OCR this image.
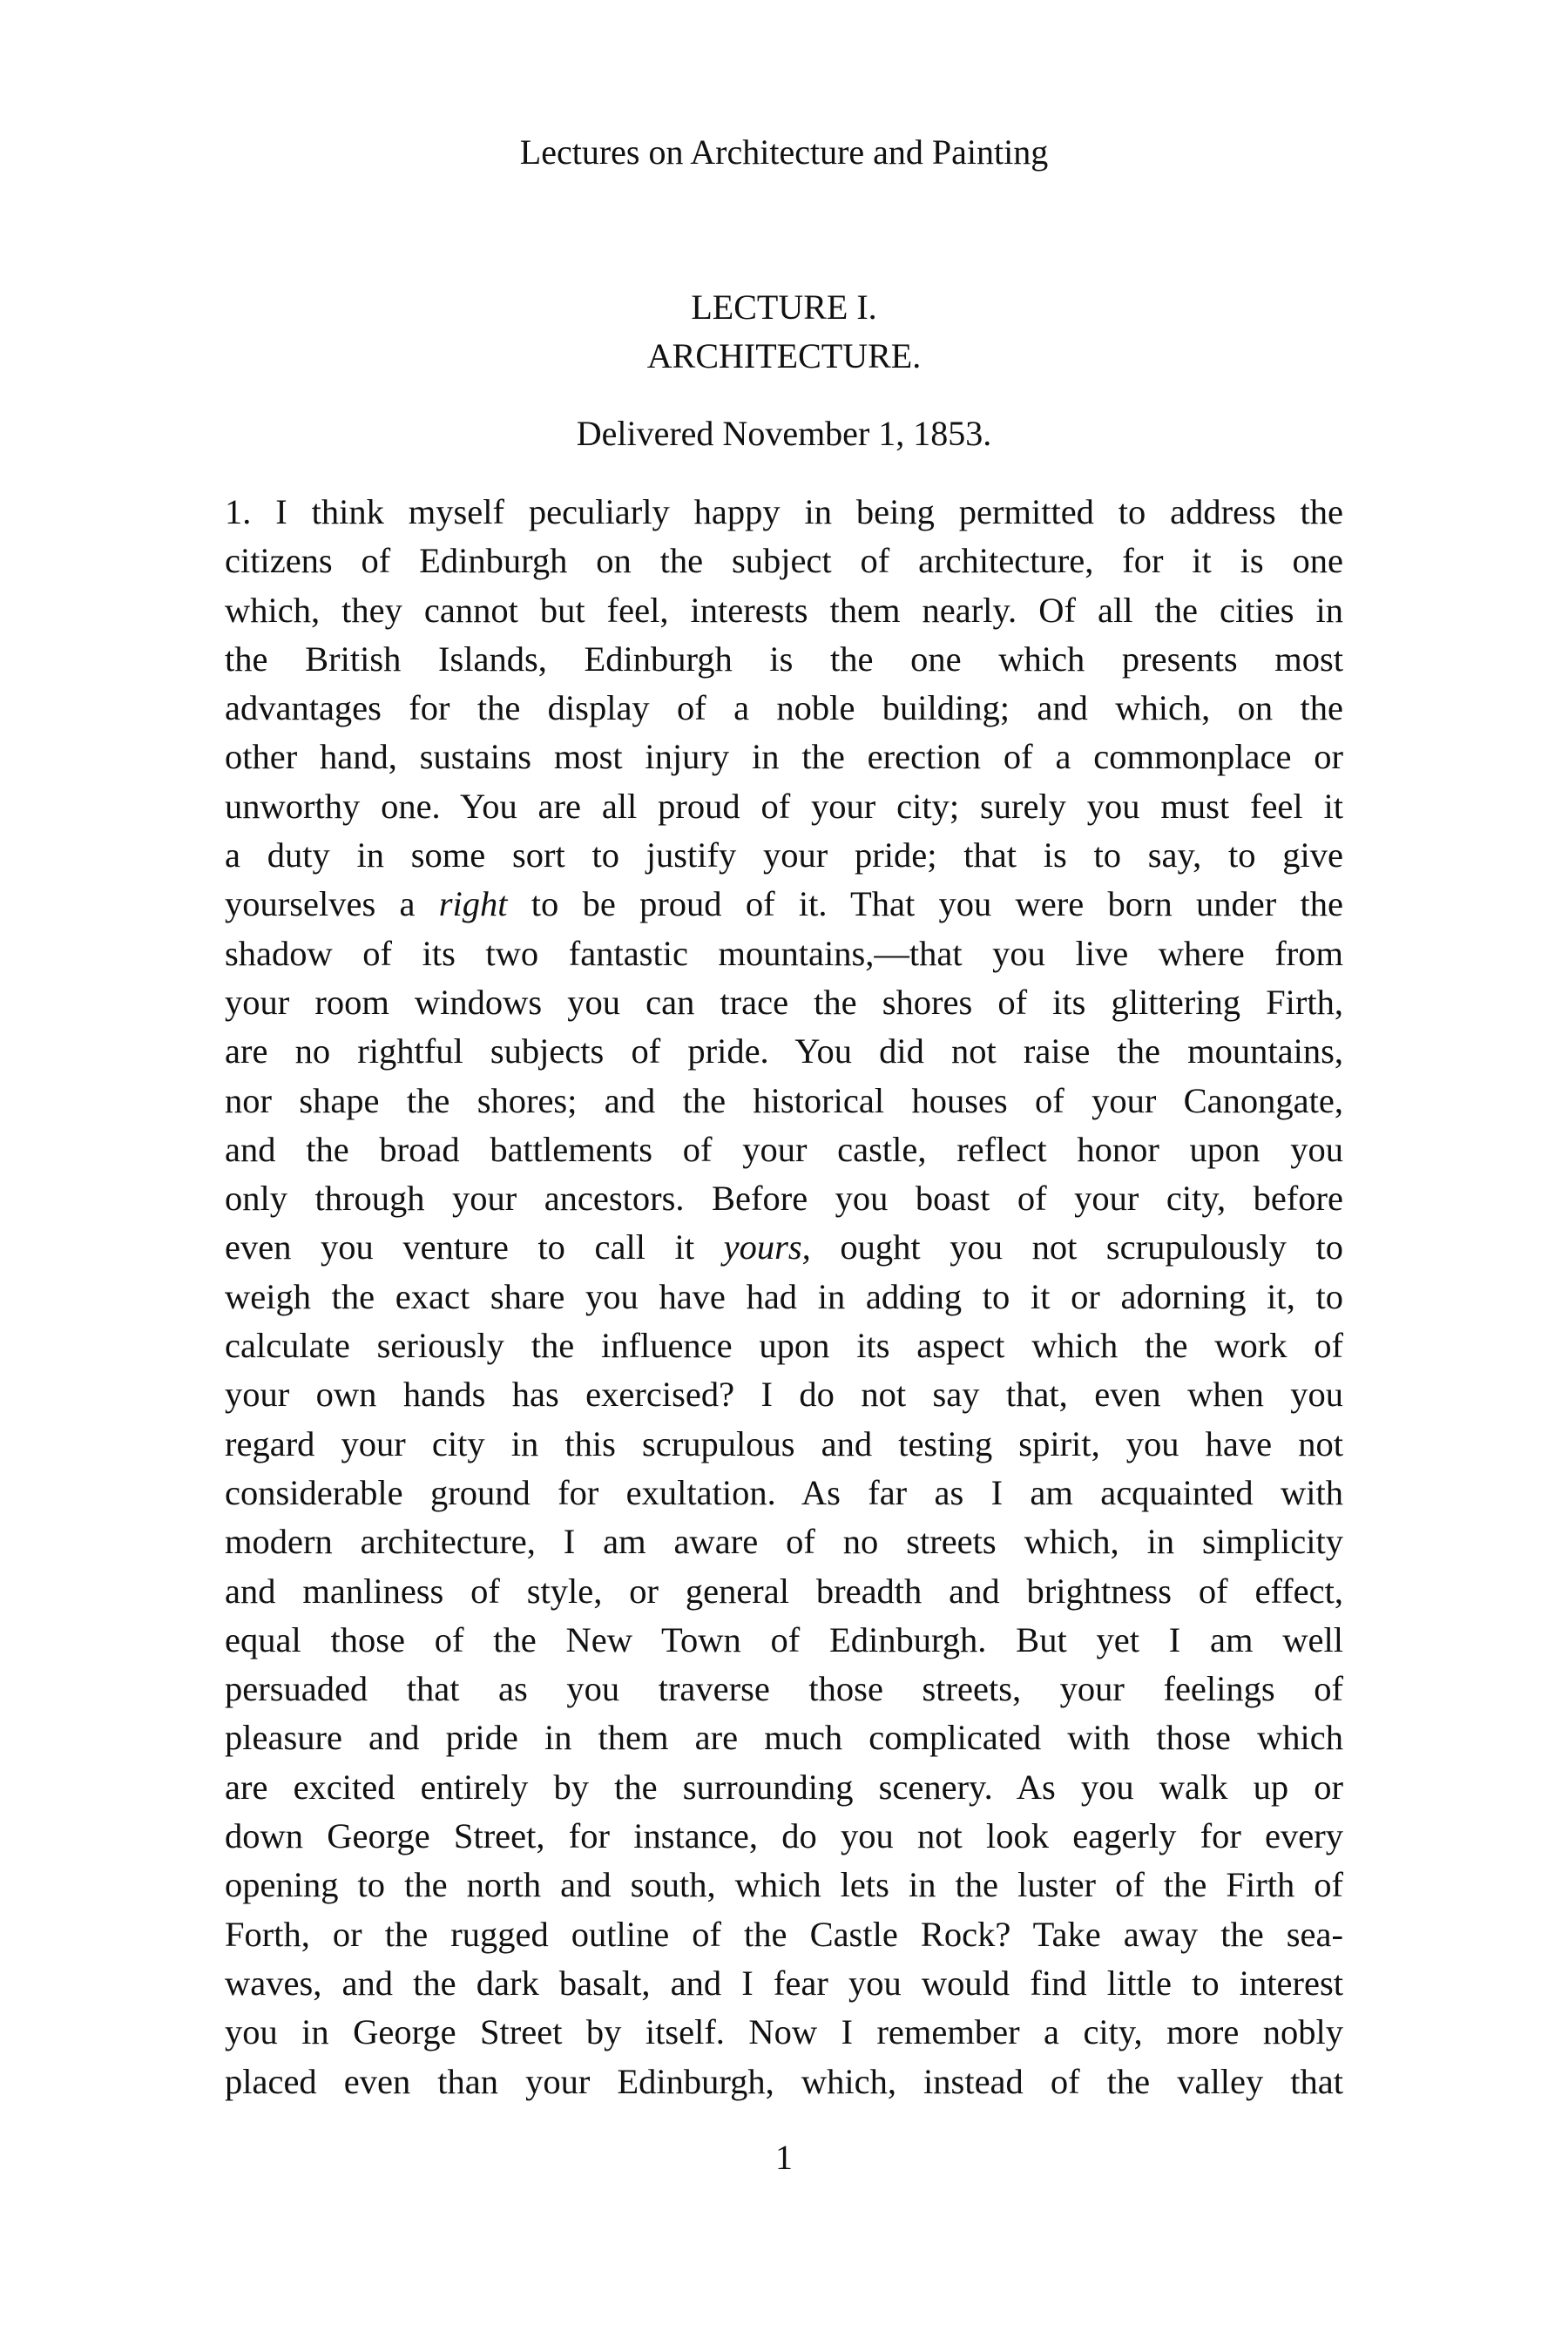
Lectures on Architecture and Painting
LECTURE I.
ARCHITECTURE.
Delivered November 1, 1853.
1. I think myself peculiarly happy in being permitted to address the
citizens of Edinburgh on the subject of architecture, for it is one
which, they cannot but feel, interests them nearly. Of all the cities in
the British Islands, Edinburgh is the one which presents most
advantages for the display of a noble building; and which, on the
other hand, sustains most injury in the erection of a commonplace or
unworthy one. You are all proud of your city; surely you must feel it
a duty in some sort to justify your pride; that is to say, to give
yourselves a right to be proud of it. That you were born under the
shadow of its two fantastic mountains,—that you live where from
your room windows you can trace the shores of its glittering Firth,
are no rightful subjects of pride. You did not raise the mountains,
nor shape the shores; and the historical houses of your Canongate,
and the broad battlements of your castle, reflect honor upon you
only through your ancestors. Before you boast of your city, before
even you venture to call it yours, ought you not scrupulously to
weigh the exact share you have had in adding to it or adorning it, to
calculate seriously the influence upon its aspect which the work of
your own hands has exercised? I do not say that, even when you
regard your city in this scrupulous and testing spirit, you have not
considerable ground for exultation. As far as I am acquainted with
modern architecture, I am aware of no streets which, in simplicity
and manliness of style, or general breadth and brightness of effect,
equal those of the New Town of Edinburgh. But yet I am well
persuaded that as you traverse those streets, your feelings of
pleasure and pride in them are much complicated with those which
are excited entirely by the surrounding scenery. As you walk up or
down George Street, for instance, do you not look eagerly for every
opening to the north and south, which lets in the luster of the Firth of
Forth, or the rugged outline of the Castle Rock? Take away the sea-
waves, and the dark basalt, and I fear you would find little to interest
you in George Street by itself. Now I remember a city, more nobly
placed even than your Edinburgh, which, instead of the valley that
1
